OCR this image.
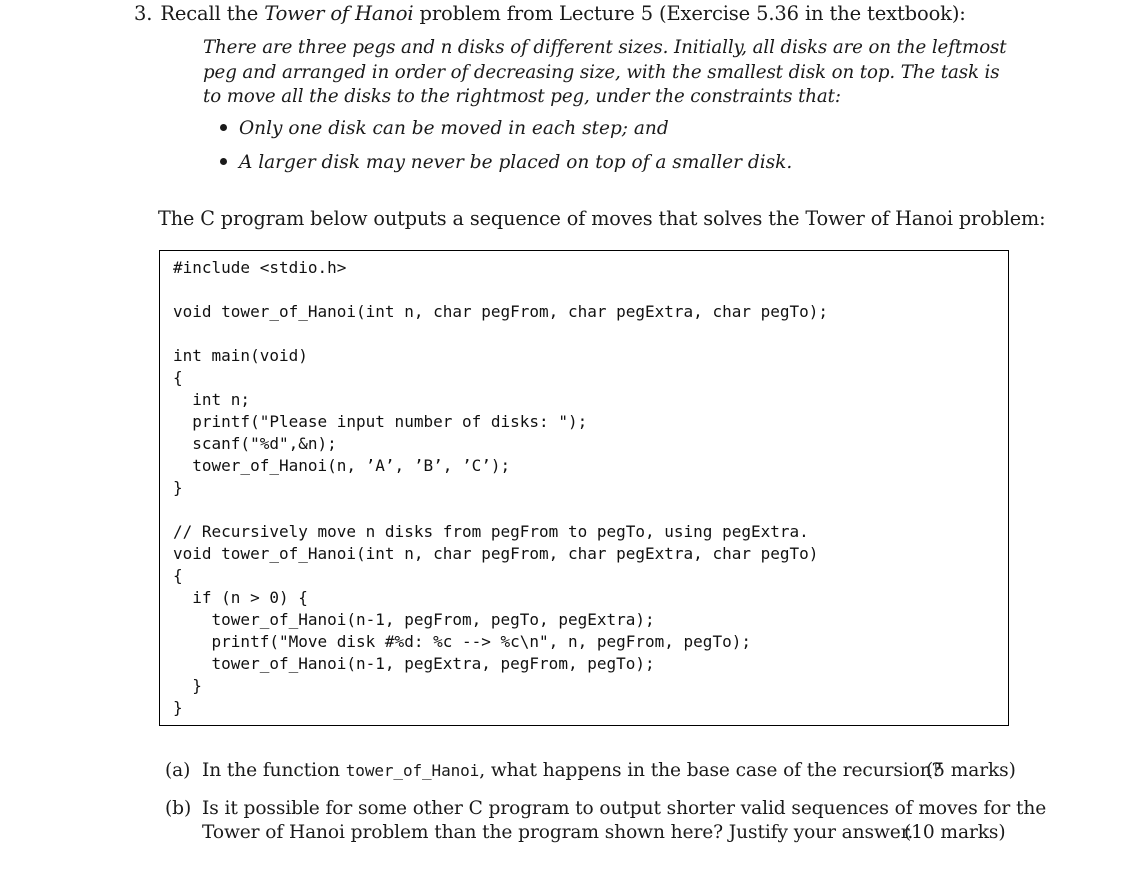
3. Recall the Tower of Hanoi problem from Lecture 5 (Exercise 5.36 in the textbook):
There are three pegs and n disks of different sizes. Initially, all disks are on the leftmost
peg and arranged in order of decreasing size, with the smallest disk on top. The task is
to move all the disks to the rightmost peg, under the constraints that:
Only one disk can be moved in each step; and
A larger disk may never be placed on top of a smaller disk.
The C program below outputs a sequence of moves that solves the Tower of Hanoi problem:
#include <stdio.h>

void tower_of_Hanoi(int n, char pegFrom, char pegExtra, char pegTo);

int main(void)
{
int n;
printf("Please input number of disks: ");
scanf("%d",&n);
tower_of_Hanoi(n, ’A’, ’B’, ’C’);
}

// Recursively move n disks from pegFrom to pegTo, using pegExtra.
void tower_of_Hanoi(int n, char pegFrom, char pegExtra, char pegTo)
{
if (n > 0) {
tower_of_Hanoi(n-1, pegFrom, pegTo, pegExtra);
printf("Move disk #%d: %c --> %c\n", n, pegFrom, pegTo);
tower_of_Hanoi(n-1, pegExtra, pegFrom, pegTo);
}
}
(a) In the function tower_of_Hanoi, what happens in the base case of the recursion?
(5 marks)
(b) Is it possible for some other C program to output shorter valid sequences of moves for the
Tower of Hanoi problem than the program shown here? Justify your answer.
(10 marks)
